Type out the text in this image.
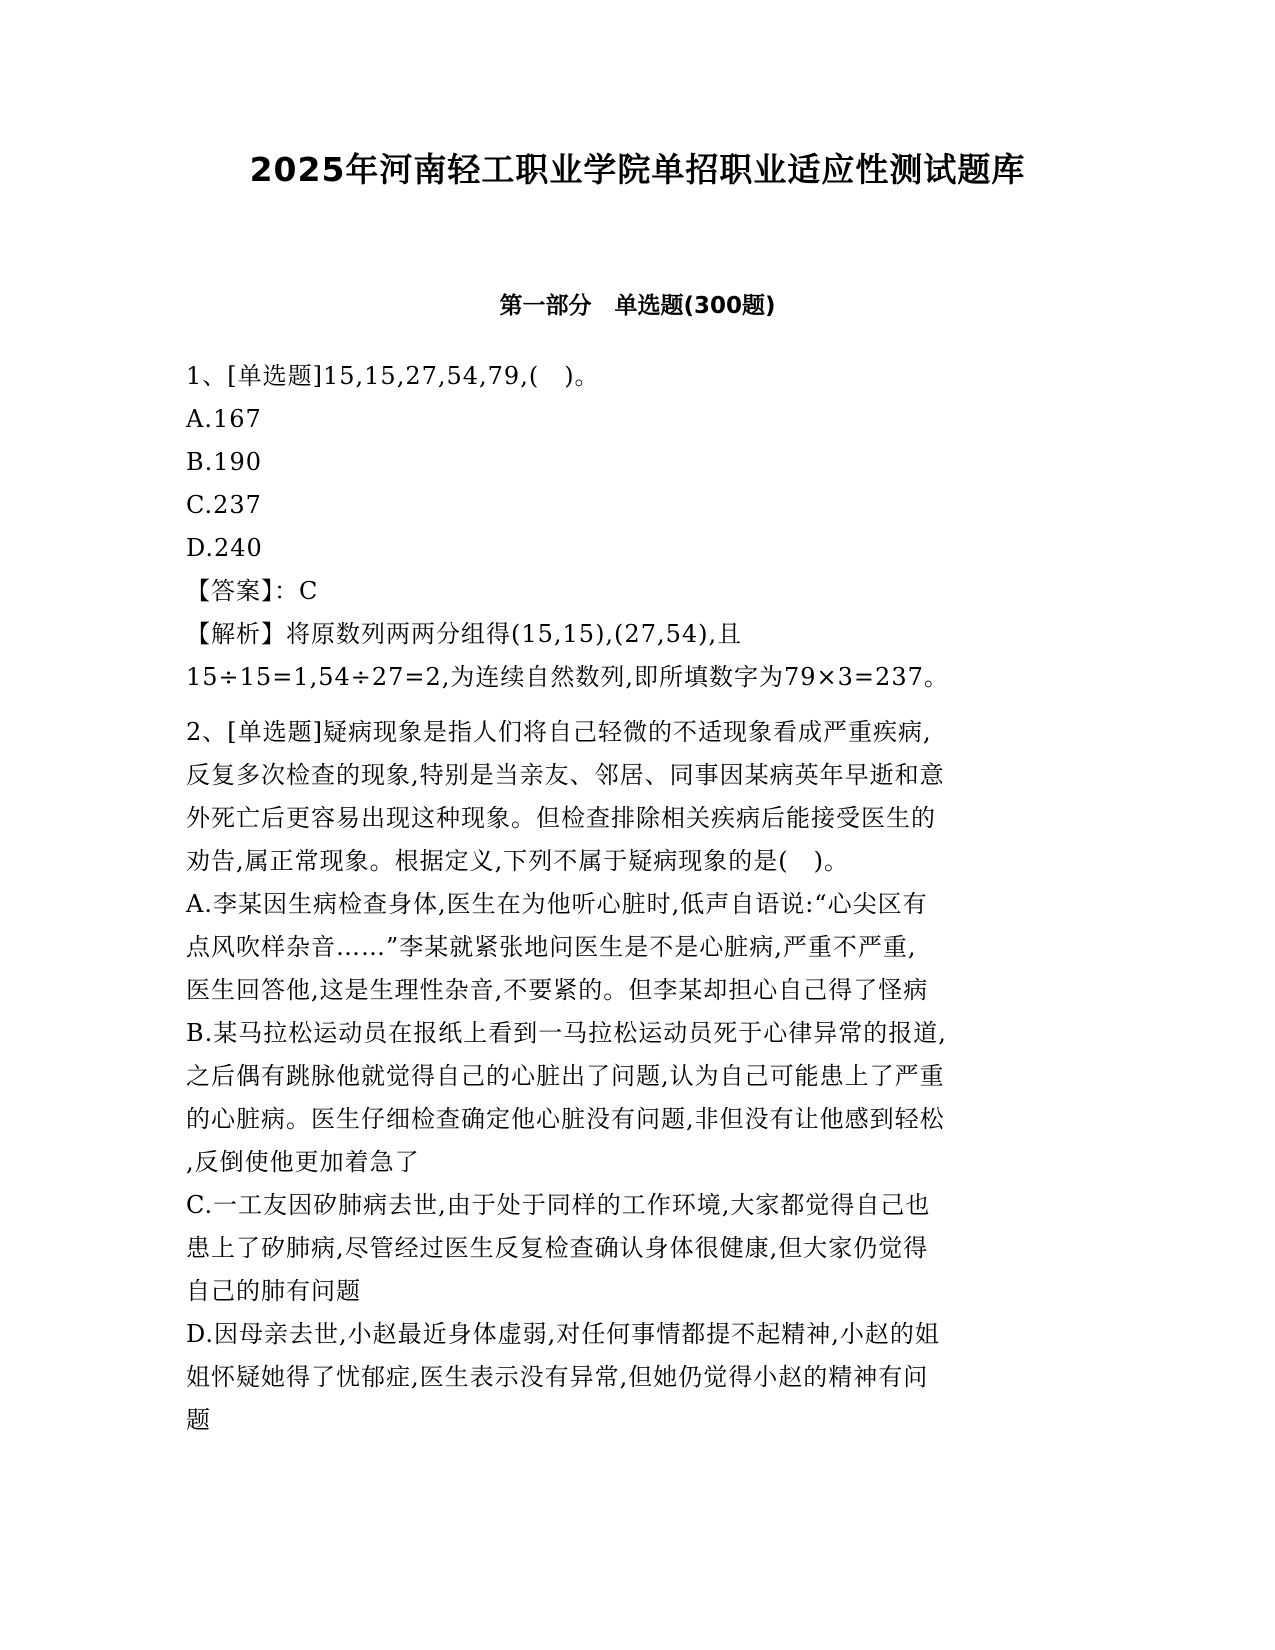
2025年河南轻工职业学院单招职业适应性测试题库
第一部分　单选题(300题)
1、[单选题]15,15,27,54,79,(　)。
A.167
B.190
C.237
D.240
【答案】：C
【解析】将原数列两两分组得(15,15),(27,54),且
15÷15=1,54÷27=2,为连续自然数列,即所填数字为79×3=237。
2、[单选题]疑病现象是指人们将自己轻微的不适现象看成严重疾病,
反复多次检查的现象,特别是当亲友、邻居、同事因某病英年早逝和意
外死亡后更容易出现这种现象。但检查排除相关疾病后能接受医生的
劝告,属正常现象。根据定义,下列不属于疑病现象的是(　)。
A.李某因生病检查身体,医生在为他听心脏时,低声自语说:“心尖区有
点风吹样杂音……”李某就紧张地问医生是不是心脏病,严重不严重,
医生回答他,这是生理性杂音,不要紧的。但李某却担心自己得了怪病
B.某马拉松运动员在报纸上看到一马拉松运动员死于心律异常的报道,
之后偶有跳脉他就觉得自己的心脏出了问题,认为自己可能患上了严重
的心脏病。医生仔细检查确定他心脏没有问题,非但没有让他感到轻松
,反倒使他更加着急了
C.一工友因矽肺病去世,由于处于同样的工作环境,大家都觉得自己也
患上了矽肺病,尽管经过医生反复检查确认身体很健康,但大家仍觉得
自己的肺有问题
D.因母亲去世,小赵最近身体虚弱,对任何事情都提不起精神,小赵的姐
姐怀疑她得了忧郁症,医生表示没有异常,但她仍觉得小赵的精神有问
题
